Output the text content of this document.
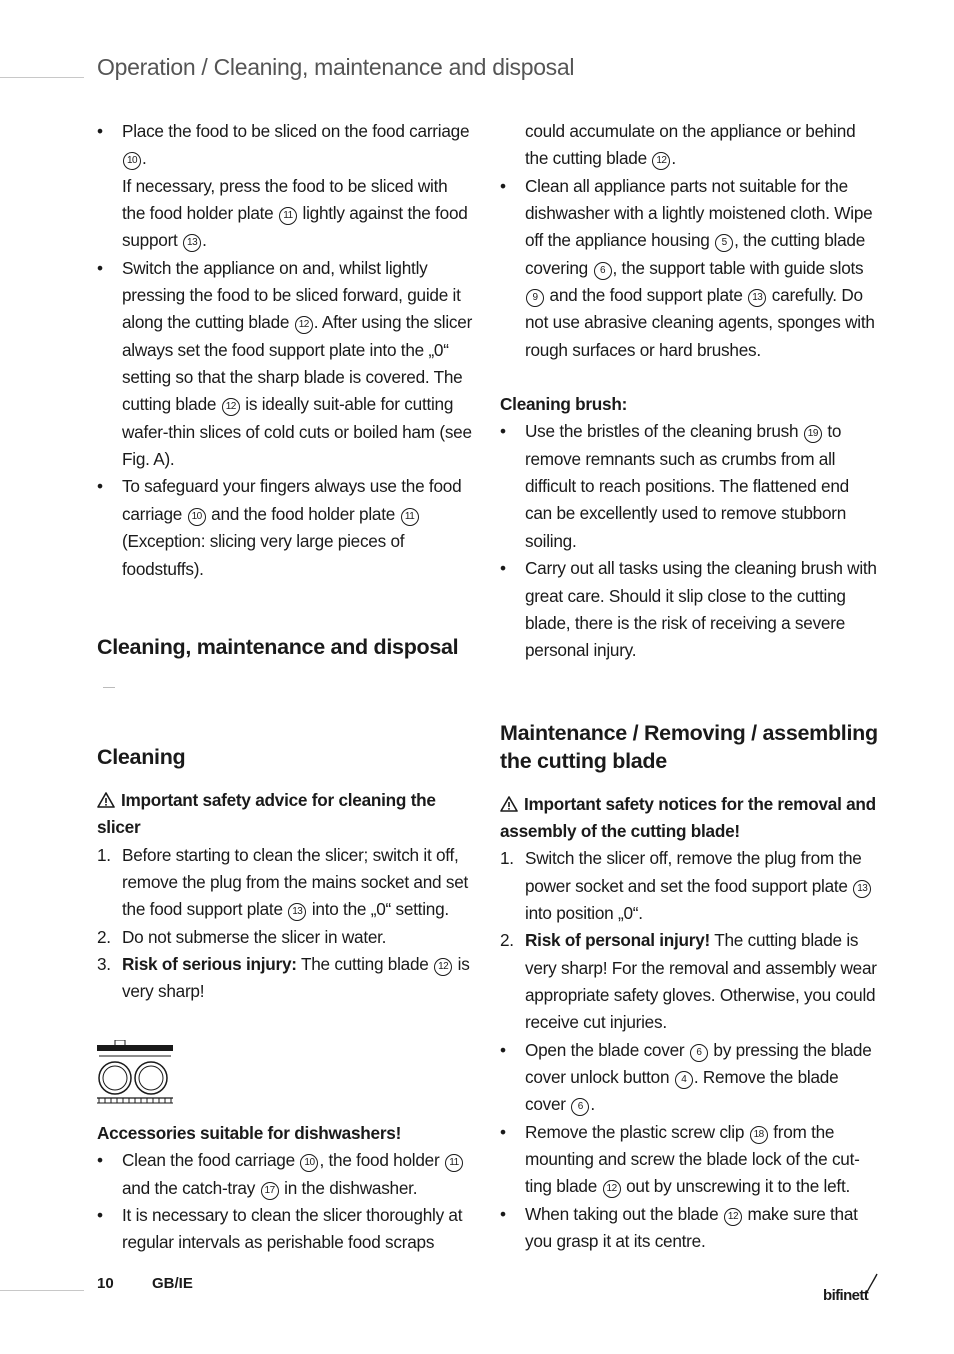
Operation / Cleaning, maintenance and disposal
• Place the food to be sliced on the food carriage 10 .
If necessary, press the food to be sliced with the food holder plate 11 lightly against the food support 13 .
• Switch the appliance on and, whilst lightly pressing the food to be sliced forward, guide it along the cutting blade 12 . After using the slicer always set the food support plate into the „0“ setting so that the sharp blade is covered. The cutting blade 12 is ideally suit-able for cutting wafer-thin slices of cold cuts or boiled ham (see Fig. A).
• To safeguard your fingers always use the food carriage 10 and the food holder plate 11 (Exception: slicing very large pieces of foodstuffs).
Cleaning, maintenance and disposal
Cleaning

Important safety advice for cleaning the slicer

1. Before starting to clean the slicer; switch it off, remove the plug from the mains socket and set the food support plate 13 into the „0“ setting.
2. Do not submerse the slicer in water.
3. Risk of serious injury: The cutting blade 12 is very sharp!

Accessories suitable for dishwashers!

• Clean the food carriage 10 , the food holder 11 and the catch-tray 17 in the dishwasher.
• It is necessary to clean the slicer thoroughly at regular intervals as perishable food scraps

could accumulate on the appliance or behind the cutting blade 12 .

• Clean all appliance parts not suitable for the dishwasher with a lightly moistened cloth. Wipe off the appliance housing 5 , the cutting blade covering 6 , the support table with guide slots 9 and the food support plate 13 carefully. Do not use abrasive cleaning agents, sponges with rough surfaces or hard brushes.

Cleaning brush:

• Use the bristles of the cleaning brush 19 to remove remnants such as crumbs from all difficult to reach positions. The flattened end can be excellently used to remove stubborn soiling.
• Carry out all tasks using the cleaning brush with great care. Should it slip close to the cutting blade, there is the risk of receiving a severe personal injury.
Maintenance / Removing / assembling the cutting blade

Important safety notices for the removal and assembly of the cutting blade!

1. Switch the slicer off, remove the plug from the power socket and set the food support plate 13 into position „0“.
2. Risk of personal injury! The cutting blade is very sharp! For the removal and assembly wear appropriate safety gloves. Otherwise, you could receive cut injuries.
• Open the blade cover 6 by pressing the blade cover unlock button 4 . Remove the blade cover 6 .
• Remove the plastic screw clip 18 from the mounting and screw the blade lock of the cut-ting blade 12 out by unscrewing it to the left.
• When taking out the blade 12 make sure that you grasp it at its centre.
10	GB/IE
bifinett
